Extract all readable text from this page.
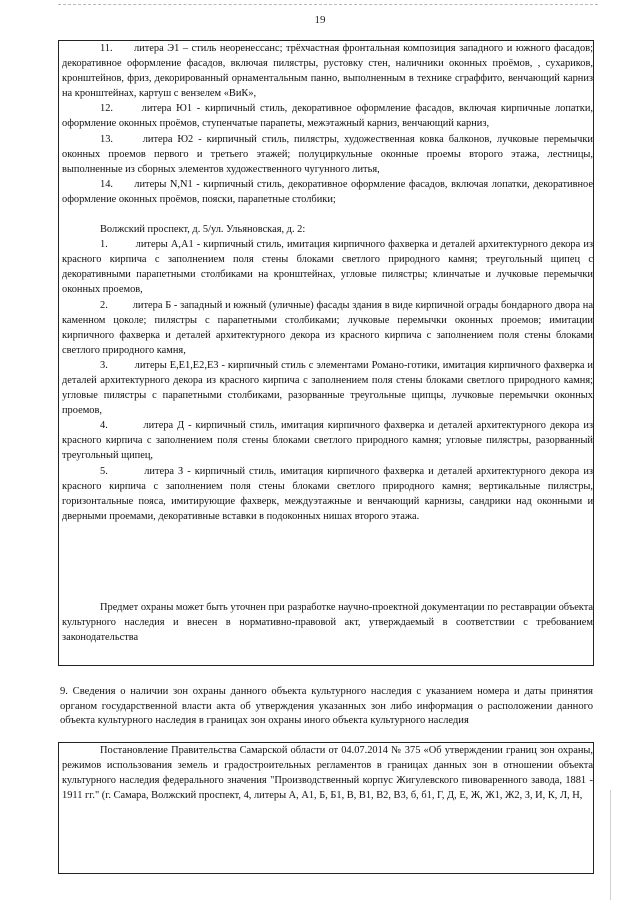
19

11. литера Э1 – стиль неоренессанс; трёхчастная фронтальная композиция западного и южного фасадов; декоративное оформление фасадов, включая пилястры, рустовку стен, наличники оконных проёмов, , сухариков, кронштейнов, фриз, декорированный орнаментальным панно, выполненным в технике сграффито, венчающий карниз на кронштейнах, картуш с вензелем «ВиК»,

12.	литера Ю1 - кирпичный стиль, декоративное оформление фасадов, включая кирпичные лопатки, оформление оконных проёмов, ступенчатые парапеты, межэтажный карниз, венчающий карниз,

13.	литера Ю2 - кирпичный стиль, пилястры, художественная ковка балконов, лучковые перемычки оконных проемов первого и третьего этажей; полуциркульные оконные проемы второго этажа, лестницы, выполненные из сборных элементов художественного чугунного литья,

14. литеры N,N1 - кирпичный стиль, декоративное оформление фасадов, включая лопатки, декоративное оформление оконных проёмов, пояски, парапетные столбики;

Волжский проспект, д. 5/ул. Ульяновская, д. 2:

1.	литеры А,А1 - кирпичный стиль, имитация кирпичного фахверка и деталей архитектурного декора из красного кирпича с заполнением поля стены блоками светлого природного камня; треугольный щипец с декоративными парапетными столбиками на кронштейнах, угловые пилястры; клинчатые и лучковые перемычки оконных проемов,

2. литера Б - западный и южный (уличные) фасады здания в виде кирпичной ограды бондарного двора на каменном цоколе; пилястры с парапетными столбиками; лучковые перемычки оконных проемов; имитации кирпичного фахверка и деталей архитектурного декора из красного кирпича с заполнением поля стены блоками светлого природного камня,

3.	литеры Е,Е1,Е2,Е3 - кирпичный стиль с элементами Романо-готики, имитация кирпичного фахверка и деталей архитектурного декора из красного кирпича с заполнением поля стены блоками светлого природного камня; угловые пилястры с парапетными столбиками, разорванные треугольные щипцы, лучковые перемычки оконных проемов,

4.	литера Д - кирпичный стиль, имитация кирпичного фахверка и деталей архитектурного декора из красного кирпича с заполнением поля стены блоками светлого природного камня; угловые пилястры, разорванный треугольный щипец,

5.	литера З - кирпичный стиль, имитация кирпичного фахверка и деталей архитектурного декора из красного кирпича с заполнением поля стены блоками светлого природного камня; вертикальные пилястры, горизонтальные пояса, имитирующие фахверк, междуэтажные и венчающий карнизы, сандрики над оконными и дверными проемами, декоративные вставки в подоконных нишах второго этажа.

Предмет охраны может быть уточнен при разработке научно-проектной документации по реставрации объекта культурного наследия и внесен в нормативно-правовой акт, утверждаемый в соответствии с требованием законодательства

9. Сведения о наличии зон охраны данного объекта культурного наследия с указанием номера и даты принятия органом государственной власти акта об утверждения указанных зон либо информация о расположении данного объекта культурного наследия в границах зон охраны иного объекта культурного наследия

Постановление Правительства Самарской области от 04.07.2014 № 375 «Об утверждении границ зон охраны, режимов использования земель и градостроительных регламентов в границах данных зон в отношении объекта культурного наследия федерального значения "Производственный корпус Жигулевского пивоваренного завода, 1881 - 1911 гг." (г. Самара, Волжский проспект, 4, литеры А, А1, Б, Б1, В, В1, В2, В3, б, б1, Г, Д, Е, Ж, Ж1, Ж2, З, И, К, Л, Н,
